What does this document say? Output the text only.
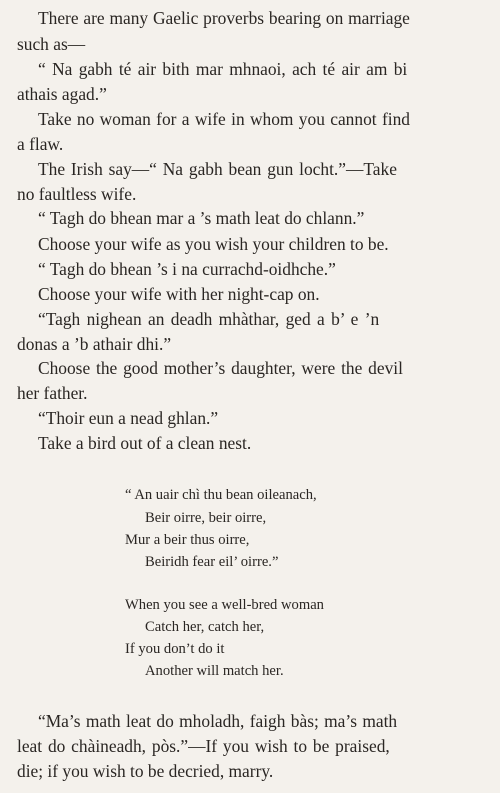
There are many Gaelic proverbs bearing on marriage
such as—
“ Na gabh té air bith mar mhnaoi, ach té air am bi
athais agad.”
Take no woman for a wife in whom you cannot find
a flaw.
The Irish say—“ Na gabh bean gun locht.”—Take
no faultless wife.
“ Tagh do bhean mar a ’s math leat do chlann.”
Choose your wife as you wish your children to be.
“ Tagh do bhean ’s i na currachd-oidhche.”
Choose your wife with her night-cap on.
“Tagh nighean an deadh mhàthar, ged a b’ e ’n
donas a ’b athair dhi.”
Choose the good mother’s daughter, were the devil
her father.
“Thoir eun a nead ghlan.”
Take a bird out of a clean nest.
“ An uair chì thu bean oileanach,
Beir oirre, beir oirre,
Mur a beir thus oirre,
Beiridh fear eil’ oirre.”
When you see a well-bred woman
Catch her, catch her,
If you don’t do it
Another will match her.
“Ma’s math leat do mholadh, faigh bàs; ma’s math
leat do chàineadh, pòs.”—If you wish to be praised,
die; if you wish to be decried, marry.
